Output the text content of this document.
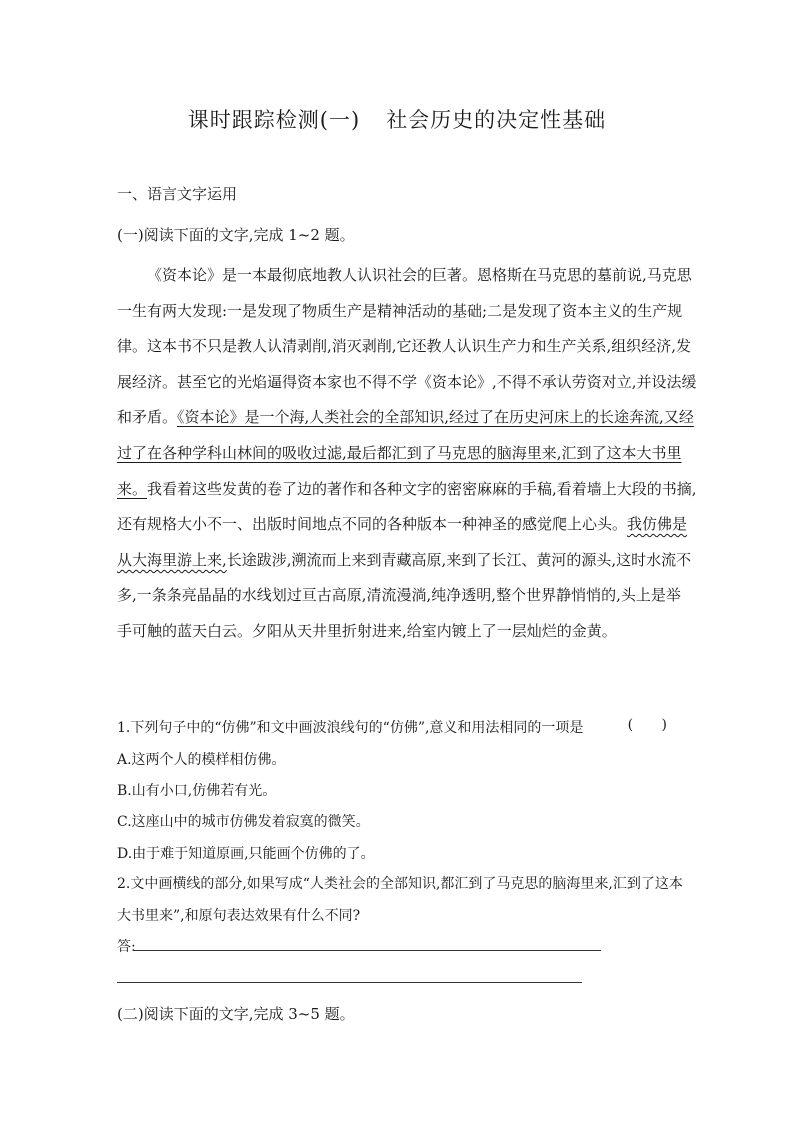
课时跟踪检测(一) 社会历史的决定性基础
一、语言文字运用
(一)阅读下面的文字,完成 1~2 题。
《资本论》是一本最彻底地教人认识社会的巨著。恩格斯在马克思的墓前说,马克思
一生有两大发现:一是发现了物质生产是精神活动的基础;二是发现了资本主义的生产规
律。这本书不只是教人认清剥削,消灭剥削,它还教人认识生产力和生产关系,组织经济,发
展经济。甚至它的光焰逼得资本家也不得不学《资本论》,不得不承认劳资对立,并设法缓
和矛盾。《资本论》是一个海,人类社会的全部知识,经过了在历史河床上的长途奔流,又经
过了在各种学科山林间的吸收过滤,最后都汇到了马克思的脑海里来,汇到了这本大书里
来。我看着这些发黄的卷了边的著作和各种文字的密密麻麻的手稿,看着墙上大段的书摘,
还有规格大小不一、出版时间地点不同的各种版本一种神圣的感觉爬上心头。我仿佛是
从大海里游上来,长途跋涉,溯流而上来到青藏高原,来到了长江、黄河的源头,这时水流不
多,一条条亮晶晶的水线划过亘古高原,清流漫淌,纯净透明,整个世界静悄悄的,头上是举
手可触的蓝天白云。夕阳从天井里折射进来,给室内镀上了一层灿烂的金黄。
1.下列句子中的“仿佛”和文中画波浪线句的“仿佛”,意义和用法相同的一项是	( )
A.这两个人的模样相仿佛。
B.山有小口,仿佛若有光。
C.这座山中的城市仿佛发着寂寞的微笑。
D.由于难于知道原画,只能画个仿佛的了。
2.文中画横线的部分,如果写成“人类社会的全部知识,都汇到了马克思的脑海里来,汇到了这本
大书里来”,和原句表达效果有什么不同?
答:
(二)阅读下面的文字,完成 3~5 题。
